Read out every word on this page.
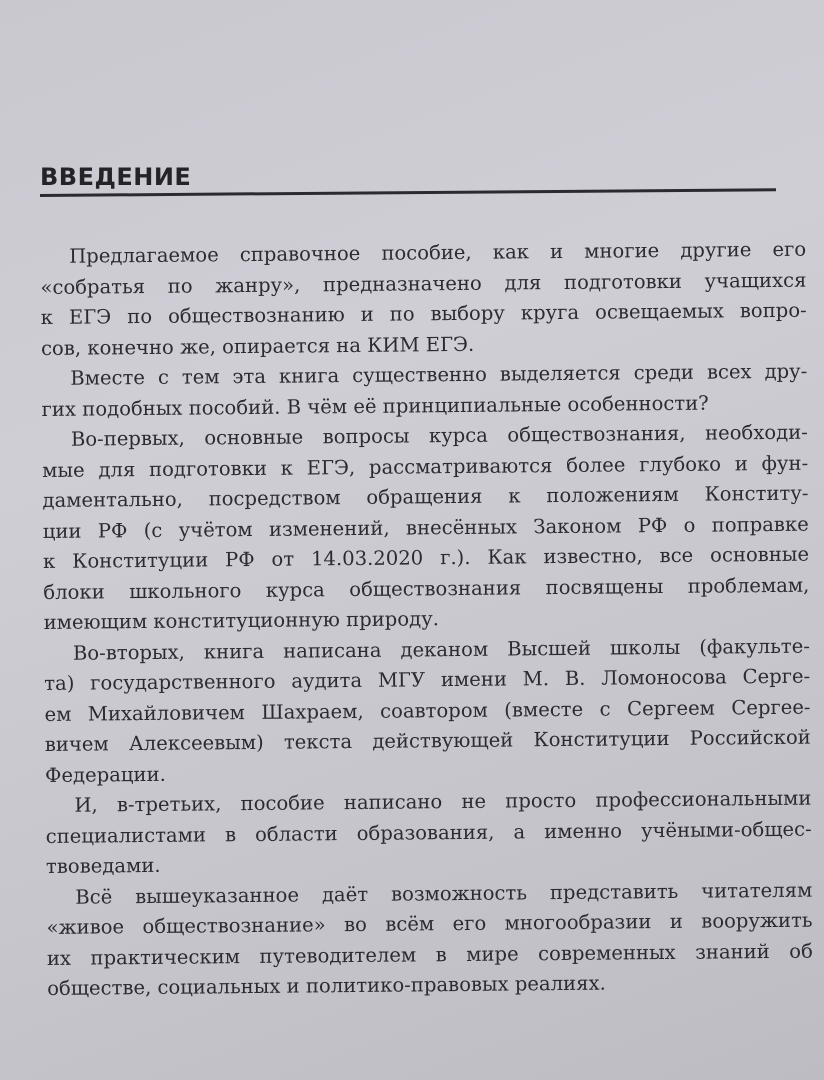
ВВЕДЕНИЕ
Предлагаемое справочное пособие, как и многие другие его
«собратья по жанру», предназначено для подготовки учащихся
к ЕГЭ по обществознанию и по выбору круга освещаемых вопро-
сов, конечно же, опирается на КИМ ЕГЭ.
Вместе с тем эта книга существенно выделяется среди всех дру-
гих подобных пособий. В чём её принципиальные особенности?
Во-первых, основные вопросы курса обществознания, необходи-
мые для подготовки к ЕГЭ, рассматриваются более глубоко и фун-
даментально, посредством обращения к положениям Конститу-
ции РФ (с учётом изменений, внесённых Законом РФ о поправке
к Конституции РФ от 14.03.2020 г.). Как известно, все основные
блоки школьного курса обществознания посвящены проблемам,
имеющим конституционную природу.
Во-вторых, книга написана деканом Высшей школы (факульте-
та) государственного аудита МГУ имени М. В. Ломоносова Серге-
ем Михайловичем Шахраем, соавтором (вместе с Сергеем Сергее-
вичем Алексеевым) текста действующей Конституции Российской
Федерации.
И, в-третьих, пособие написано не просто профессиональными
специалистами в области образования, а именно учёными-общес-
твоведами.
Всё вышеуказанное даёт возможность представить читателям
«живое обществознание» во всём его многообразии и вооружить
их практическим путеводителем в мире современных знаний об
обществе, социальных и политико-правовых реалиях.
